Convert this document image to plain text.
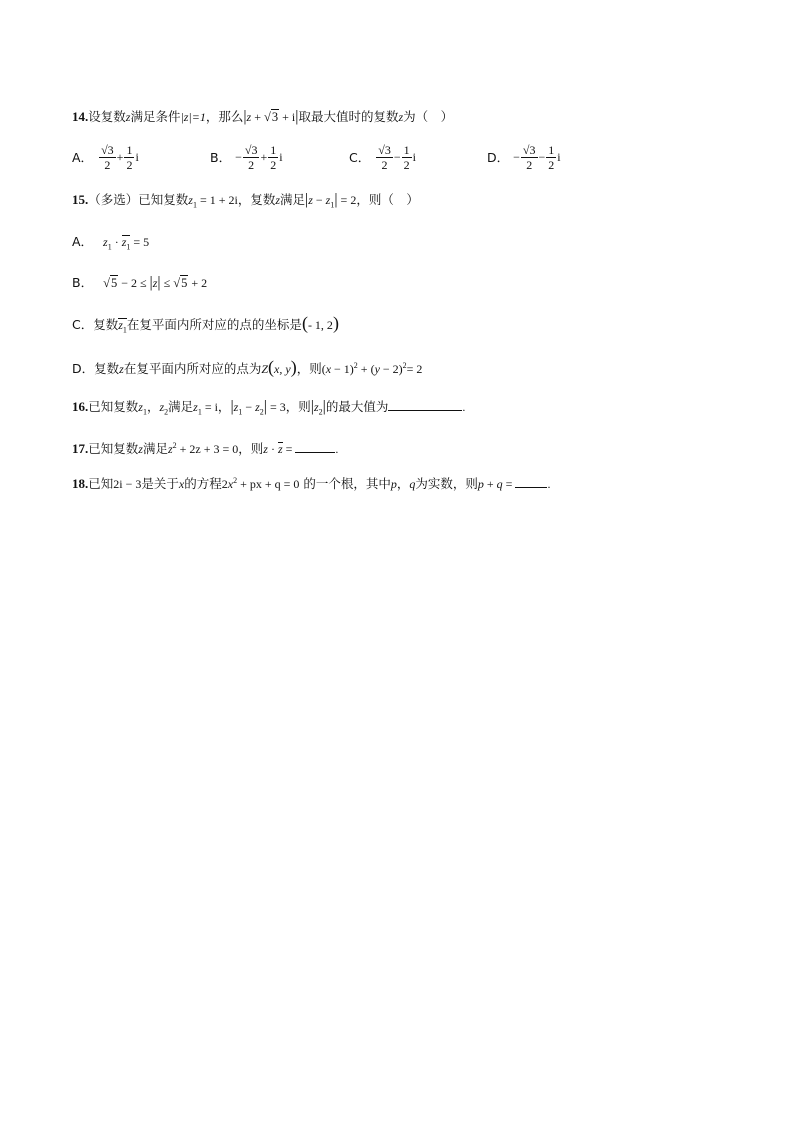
14.设复数z满足条件|z|=1，那么|z + √3 + i|取最大值时的复数z为（　）
A． $\frac{√3}{2} + \frac{1}{2}$ i	B． − $\frac{√3}{2} + \frac{1}{2}$ i	C． $\frac{√3}{2} - \frac{1}{2}$ i	D． − $\frac{√3}{2} - \frac{1}{2}$ i
15.（多选）已知复数$z_1 = 1 + 2i$，复数z满足$|z - z_1| = 2$，则（　）
A． $z_1 \cdot z_1 = 5$
B． √5 − 2 ≤ |z| ≤ √5 + 2
C．复数$z_1$在复平面内所对应的点的坐标是(- 1, 2)
D．复数z在复平面内所对应的点为Z(x, y)，则$(x - 1)^2 + (y - 2)^2= 2$
16.已知复数$z_1$，$z_2$满足$z_1 = i$，$|z_1 - z_2| = 3$，则$|z_2|$的最大值为	.
17.已知复数z满足$z^2 + 2z + 3 = 0$，则z · z =	.
18.已知2i − 3是关于x的方程$2x^2$ + px + q = 0 的一个根，其中p，q为实数，则p + q =	.
